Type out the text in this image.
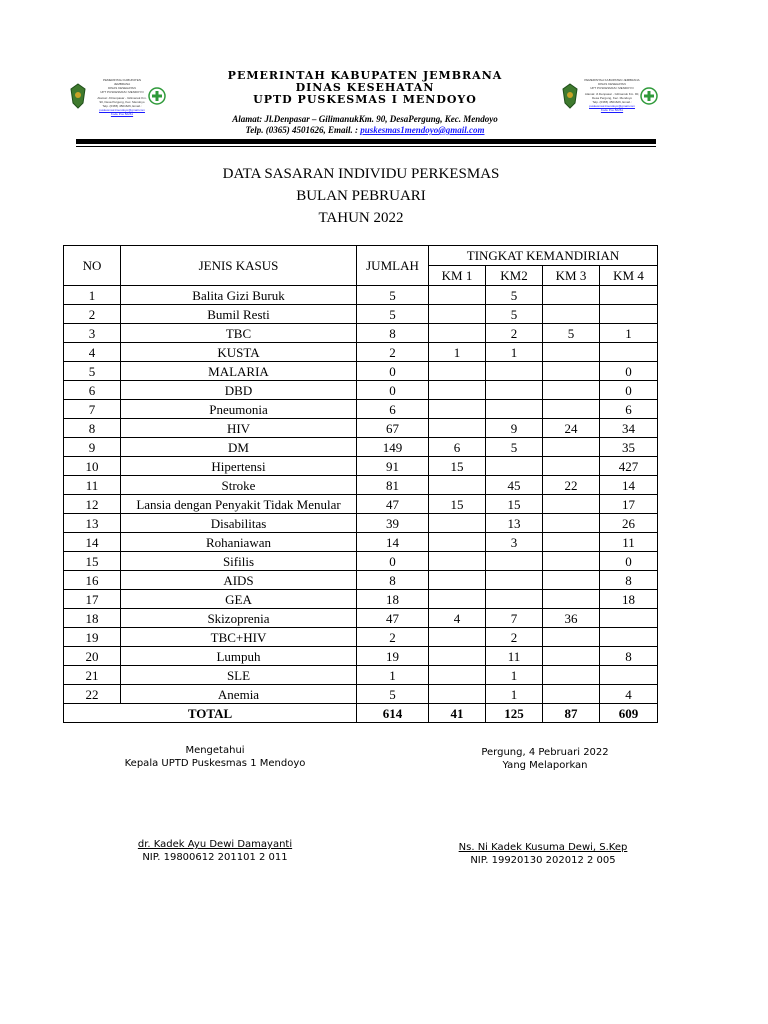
PEMERINTAH KABUPATEN JEMBRANA
DINAS KESEHATAN
UPT PUSKESMAS I MENDOYO
Alamat: Jl.Denpasar - Gilimanuk Km. 90, Desa Pergung, Kec. Mendoyo
Telp. (0365) 4501626, Email.: puskesmas1mendoyo@gmail.com
Kode Pos 82261
PEMERINTAH KABUPATEN JEMBRANA
DINAS KESEHATAN
UPT PUSKESMAS I MENDOYO
Alamat: Jl.Denpasar - Gilimanuk Km. 90, Desa Pergung, Kec. Mendoyo
Telp. (0365) 4501626, Email.: puskesmas1mendoyo@gmail.com
Kode Pos 82261
PEMERINTAH KABUPATEN JEMBRANA
DINAS KESEHATAN
UPTD PUSKESMAS I MENDOYO
Alamat: Jl.Denpasar – GilimanukKm. 90, DesaPergung, Kec. Mendoyo
Telp. (0365) 4501626, Email. : puskesmas1mendoyo@gmail.com
DATA SASARAN INDIVIDU PERKESMAS
BULAN PEBRUARI
TAHUN 2022
NO	JENIS KASUS	JUMLAH	TINGKAT KEMANDIRIAN			
			KM 1	KM2	KM 3	KM 4
1	Balita Gizi Buruk	5		5		
2	Bumil Resti	5		5		
3	TBC	8		2	5	1
4	KUSTA	2	1	1		
5	MALARIA	0				0
6	DBD	0				0
7	Pneumonia	6				6
8	HIV	67		9	24	34
9	DM	149	6	5		35
10	Hipertensi	91	15			427
11	Stroke	81		45	22	14
12	Lansia dengan Penyakit Tidak Menular	47	15	15		17
13	Disabilitas	39		13		26
14	Rohaniawan	14		3		11
15	Sifilis	0				0
16	AIDS	8				8
17	GEA	18				18
18	Skizoprenia	47	4	7	36	
19	TBC+HIV	2		2		
20	Lumpuh	19		11		8
21	SLE	1		1		
22	Anemia	5		1		4
TOTAL		614	41	125	87	609
Mengetahui
Kepala UPTD Puskesmas 1 Mendoyo
Pergung, 4 Pebruari 2022
Yang Melaporkan
dr. Kadek Ayu Dewi Damayanti
NIP. 19800612 201101 2 011
Ns. Ni Kadek Kusuma Dewi, S.Kep
NIP. 19920130 202012 2 005
